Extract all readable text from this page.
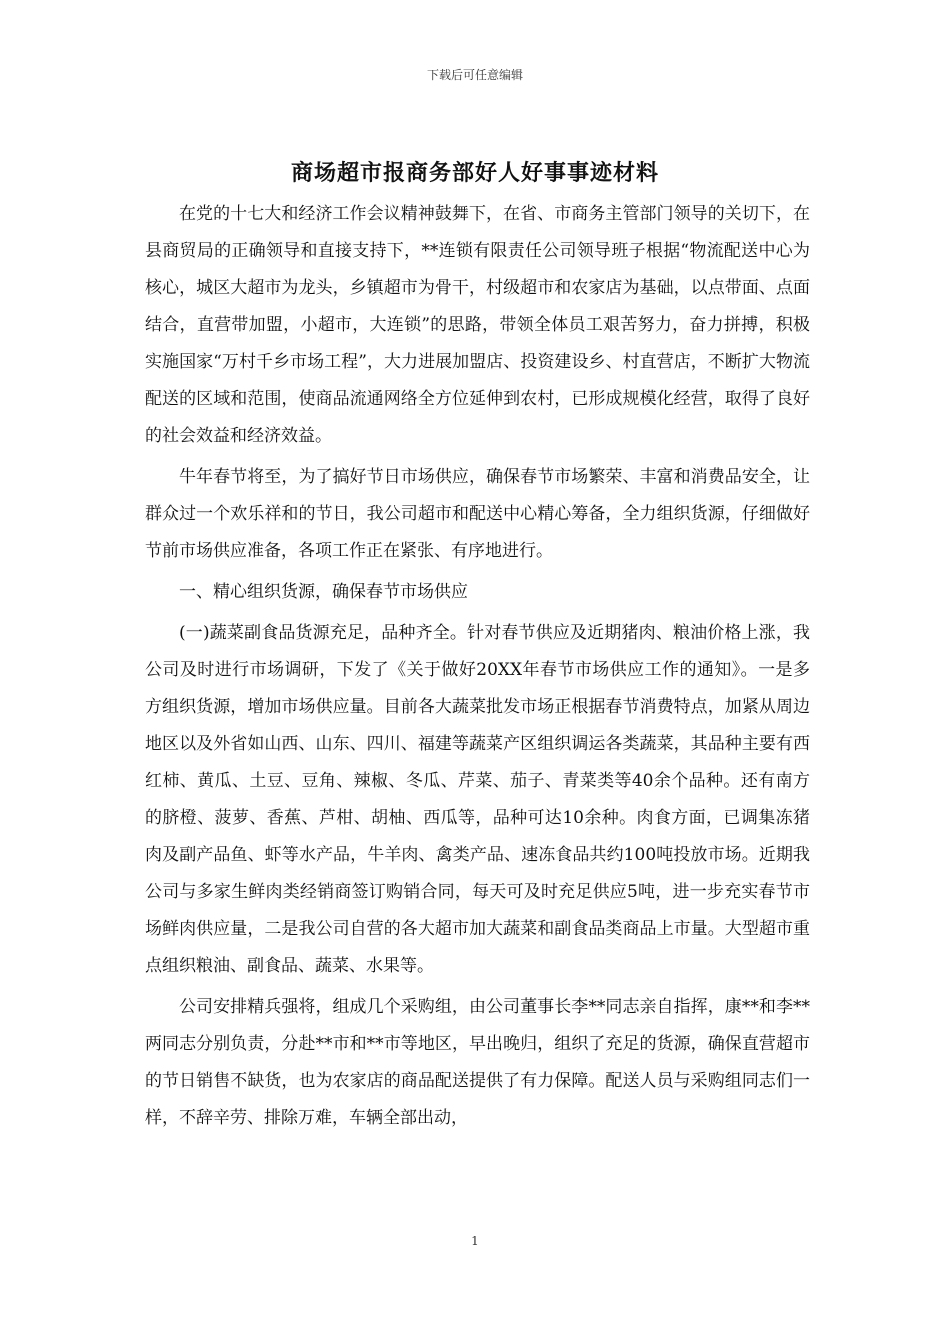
下载后可任意编辑

商场超市报商务部好人好事事迹材料

在党的十七大和经济工作会议精神鼓舞下，在省、市商务主管部门领导的关切下，在县商贸局的正确领导和直接支持下，**连锁有限责任公司领导班子根据“物流配送中心为核心，城区大超市为龙头，乡镇超市为骨干，村级超市和农家店为基础，以点带面、点面结合，直营带加盟，小超市，大连锁”的思路，带领全体员工艰苦努力，奋力拼搏，积极实施国家“万村千乡市场工程”，大力进展加盟店、投资建设乡、村直营店，不断扩大物流配送的区域和范围，使商品流通网络全方位延伸到农村，已形成规模化经营，取得了良好的社会效益和经济效益。

牛年春节将至，为了搞好节日市场供应，确保春节市场繁荣、丰富和消费品安全，让群众过一个欢乐祥和的节日，我公司超市和配送中心精心筹备，全力组织货源，仔细做好节前市场供应准备，各项工作正在紧张、有序地进行。

一、精心组织货源，确保春节市场供应

(一)蔬菜副食品货源充足，品种齐全。针对春节供应及近期猪肉、粮油价格上涨，我公司及时进行市场调研，下发了《关于做好20XX年春节市场供应工作的通知》。一是多方组织货源，增加市场供应量。目前各大蔬菜批发市场正根据春节消费特点，加紧从周边地区以及外省如山西、山东、四川、福建等蔬菜产区组织调运各类蔬菜，其品种主要有西红柿、黄瓜、土豆、豆角、辣椒、冬瓜、芹菜、茄子、青菜类等40余个品种。还有南方的脐橙、菠萝、香蕉、芦柑、胡柚、西瓜等，品种可达10余种。肉食方面，已调集冻猪肉及副产品鱼、虾等水产品，牛羊肉、禽类产品、速冻食品共约100吨投放市场。近期我公司与多家生鲜肉类经销商签订购销合同，每天可及时充足供应5吨，进一步充实春节市场鲜肉供应量，二是我公司自营的各大超市加大蔬菜和副食品类商品上市量。大型超市重点组织粮油、副食品、蔬菜、水果等。

公司安排精兵强将，组成几个采购组，由公司董事长李**同志亲自指挥，康**和李**两同志分别负责，分赴**市和**市等地区，早出晚归，组织了充足的货源，确保直营超市的节日销售不缺货，也为农家店的商品配送提供了有力保障。配送人员与采购组同志们一样，不辞辛劳、排除万难，车辆全部出动，

1
